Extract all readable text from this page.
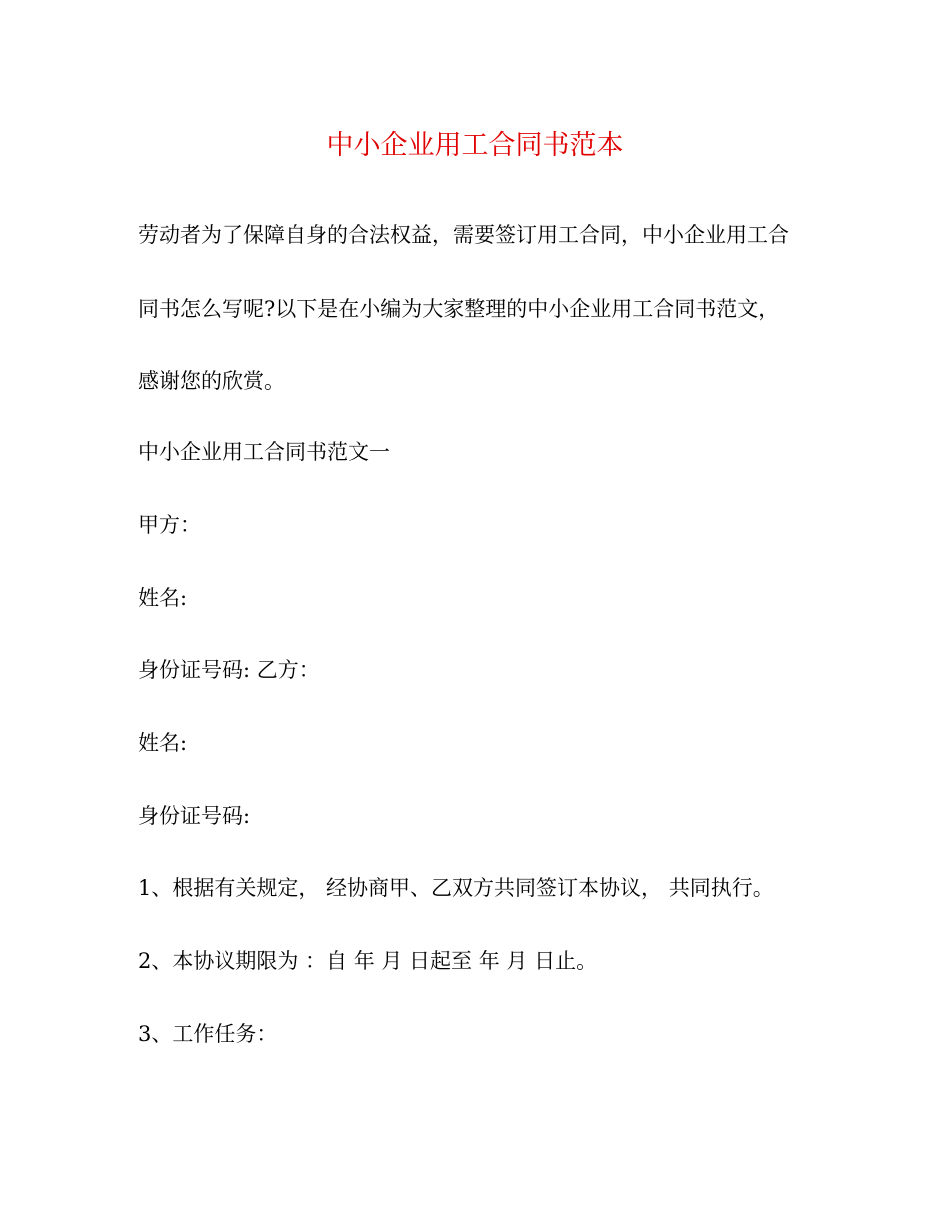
中小企业用工合同书范本
劳动者为了保障自身的合法权益，需要签订用工合同，中小企业用工合
同书怎么写呢?以下是在小编为大家整理的中小企业用工合同书范文，
感谢您的欣赏。
中小企业用工合同书范文一
甲方：
姓名:
身份证号码: 乙方：
姓名:
身份证号码:
1、根据有关规定， 经协商甲、乙双方共同签订本协议， 共同执行。
2、本协议期限为 ：自 年 月 日起至 年 月 日止。
3、工作任务：
